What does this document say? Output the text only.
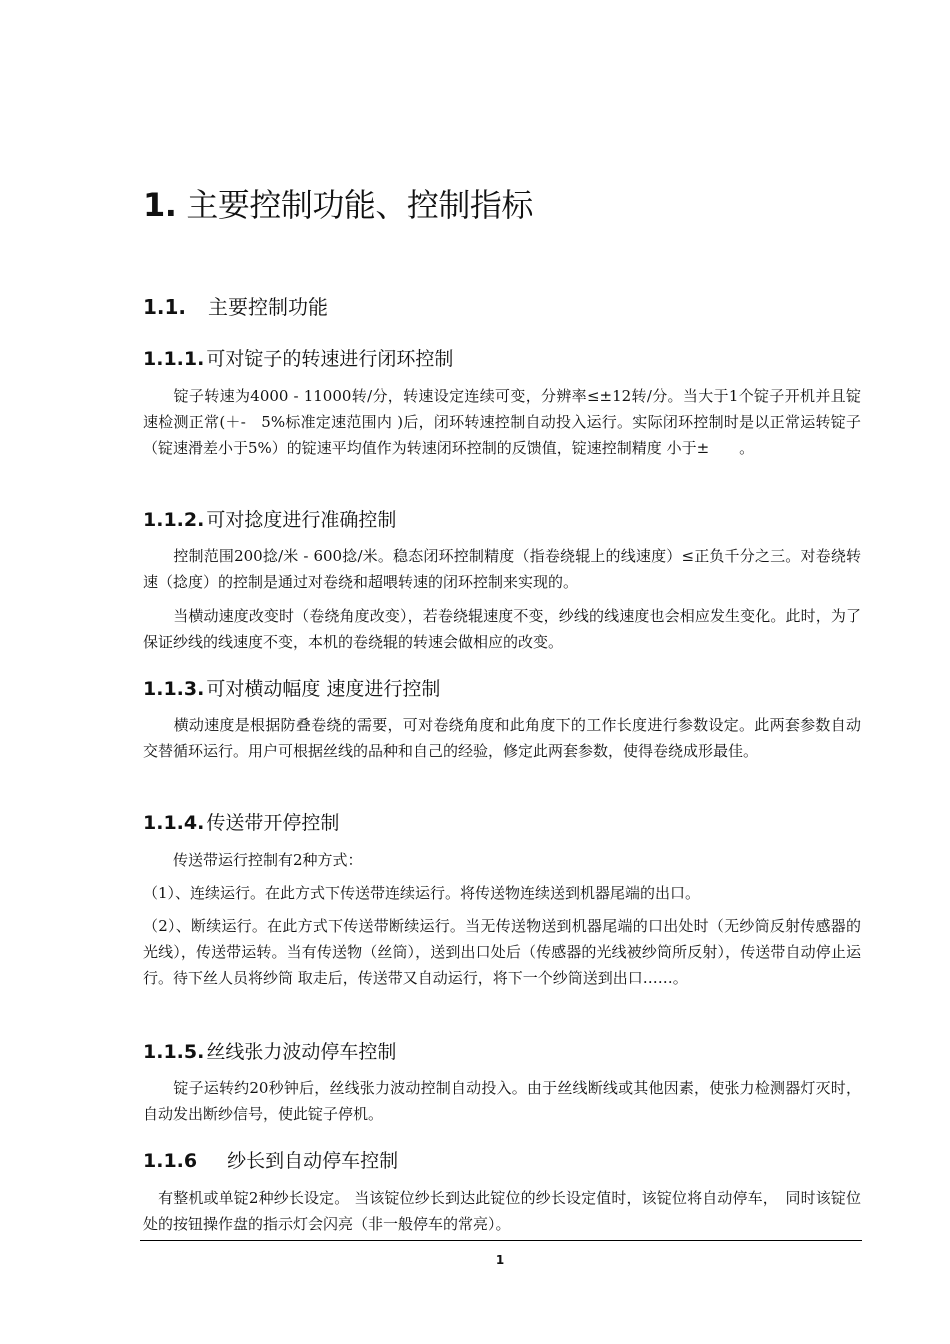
1. 主要控制功能、控制指标
1.1. 主要控制功能
1.1.1. 可对锭子的转速进行闭环控制

　　锭子转速为4000 - 11000转/分，转速设定连续可变，分辨率≤±12转/分。当大于1个锭子开机并且锭速检测正常(＋-　5%标准定速范围内 )后，闭环转速控制自动投入运行。实际闭环控制时是以正常运转锭子（锭速滑差小于5%）的锭速平均值作为转速闭环控制的反馈值，锭速控制精度 小于±　　。

1.1.2. 可对捻度进行准确控制

　　控制范围200捻/米 - 600捻/米。稳态闭环控制精度（指卷绕辊上的线速度）≤正负千分之三。对卷绕转速（捻度）的控制是通过对卷绕和超喂转速的闭环控制来实现的。

　　当横动速度改变时（卷绕角度改变），若卷绕辊速度不变，纱线的线速度也会相应发生变化。此时，为了保证纱线的线速度不变，本机的卷绕辊的转速会做相应的改变。

1.1.3. 可对横动幅度 速度进行控制

　　横动速度是根据防叠卷绕的需要，可对卷绕角度和此角度下的工作长度进行参数设定。此两套参数自动交替循环运行。用户可根据丝线的品种和自己的经验，修定此两套参数，使得卷绕成形最佳。

1.1.4. 传送带开停控制

　　传送带运行控制有2种方式：

（1）、连续运行。在此方式下传送带连续运行。将传送物连续送到机器尾端的出口。

（2）、断续运行。在此方式下传送带断续运行。当无传送物送到机器尾端的口出处时（无纱筒反射传感器的光线），传送带运转。当有传送物（丝筒），送到出口处后（传感器的光线被纱筒所反射），传送带自动停止运行。待下丝人员将纱筒 取走后，传送带又自动运行，将下一个纱筒送到出口……。

1.1.5. 丝线张力波动停车控制

　　锭子运转约20秒钟后，丝线张力波动控制自动投入。由于丝线断线或其他因素，使张力检测器灯灭时，自动发出断纱信号，使此锭子停机。

1.1.6 纱长到自动停车控制

　有整机或单锭2种纱长设定。 当该锭位纱长到达此锭位的纱长设定值时，该锭位将自动停车，　同时该锭位处的按钮操作盘的指示灯会闪亮（非一般停车的常亮）。

1
